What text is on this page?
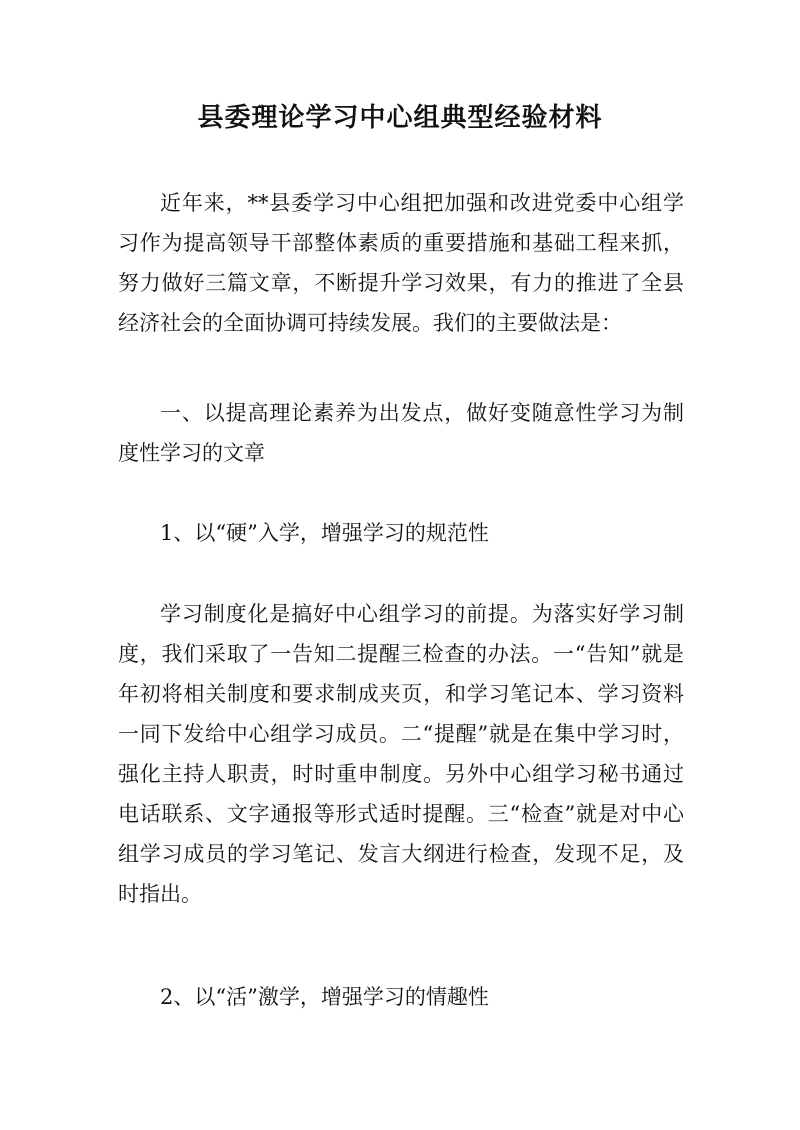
县委理论学习中心组典型经验材料

近年来，**县委学习中心组把加强和改进党委中心组学习作为提高领导干部整体素质的重要措施和基础工程来抓，努力做好三篇文章，不断提升学习效果，有力的推进了全县经济社会的全面协调可持续发展。我们的主要做法是：

一、以提高理论素养为出发点，做好变随意性学习为制度性学习的文章

1、以“硬”入学，增强学习的规范性

学习制度化是搞好中心组学习的前提。为落实好学习制度，我们采取了一告知二提醒三检查的办法。一“告知”就是年初将相关制度和要求制成夹页，和学习笔记本、学习资料一同下发给中心组学习成员。二“提醒”就是在集中学习时，强化主持人职责，时时重申制度。另外中心组学习秘书通过电话联系、文字通报等形式适时提醒。三“检查”就是对中心组学习成员的学习笔记、发言大纲进行检查，发现不足，及时指出。

2、以“活”激学，增强学习的情趣性
